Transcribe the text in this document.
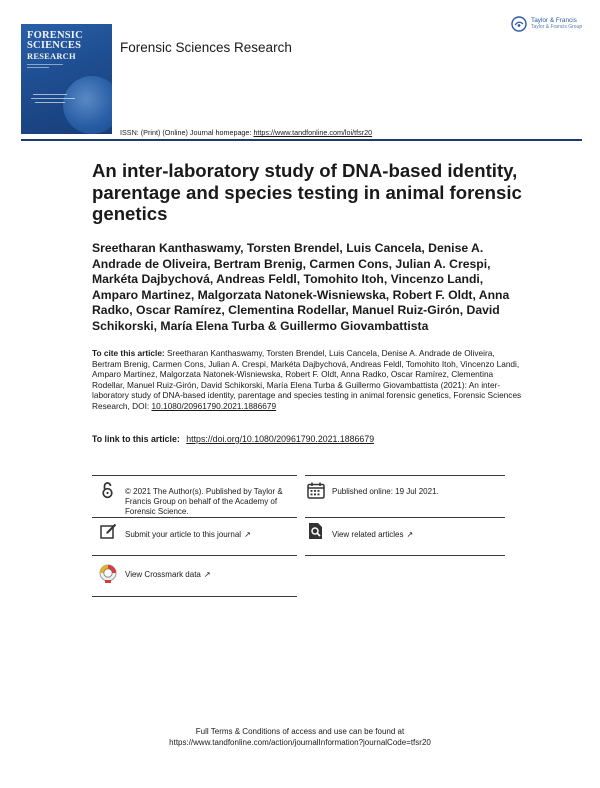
FORENSIC
SCIENCES
RESEARCH
Forensic Sciences Research
Taylor & Francis
Taylor & Francis Group
ISSN: (Print) (Online) Journal homepage: https://www.tandfonline.com/loi/tfsr20
An inter-laboratory study of DNA-based identity, parentage and species testing in animal forensic genetics
Sreetharan Kanthaswamy, Torsten Brendel, Luis Cancela, Denise A. Andrade de Oliveira, Bertram Brenig, Carmen Cons, Julian A. Crespi, Markéta Dajbychová, Andreas Feldl, Tomohito Itoh, Vincenzo Landi, Amparo Martinez, Malgorzata Natonek-Wisniewska, Robert F. Oldt, Anna Radko, Oscar Ramírez, Clementina Rodellar, Manuel Ruiz-Girón, David Schikorski, María Elena Turba & Guillermo Giovambattista
To cite this article: Sreetharan Kanthaswamy, Torsten Brendel, Luis Cancela, Denise A. Andrade de Oliveira, Bertram Brenig, Carmen Cons, Julian A. Crespi, Markéta Dajbychová, Andreas Feldl, Tomohito Itoh, Vincenzo Landi, Amparo Martinez, Malgorzata Natonek-Wisniewska, Robert F. Oldt, Anna Radko, Oscar Ramírez, Clementina Rodellar, Manuel Ruiz-Girón, David Schikorski, María Elena Turba & Guillermo Giovambattista (2021): An inter-laboratory study of DNA-based identity, parentage and species testing in animal forensic genetics, Forensic Sciences Research, DOI: 10.1080/20961790.2021.1886679
To link to this article: https://doi.org/10.1080/20961790.2021.1886679
© 2021 The Author(s). Published by Taylor & Francis Group on behalf of the Academy of Forensic Science.
Published online: 19 Jul 2021.
Submit your article to this journal ↗	View related articles ↗
View Crossmark data ↗
Full Terms & Conditions of access and use can be found at
https://www.tandfonline.com/action/journalInformation?journalCode=tfsr20
